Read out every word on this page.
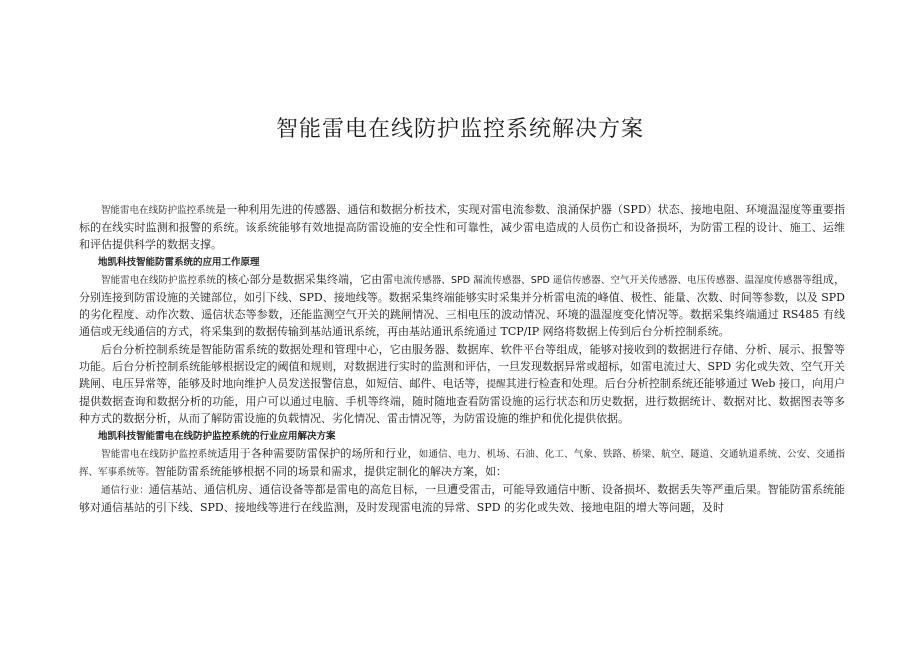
智能雷电在线防护监控系统解决方案

智能雷电在线防护监控系统是一种利用先进的传感器、通信和数据分析技术，实现对雷电流参数、浪涌保护器（SPD）状态、接地电阻、环境温湿度等重要指标的在线实时监测和报警的系统。该系统能够有效地提高防雷设施的安全性和可靠性，减少雷电造成的人员伤亡和设备损坏，为防雷工程的设计、施工、运维和评估提供科学的数据支撑。

地凯科技智能防雷系统的应用工作原理

智能雷电在线防护监控系统的核心部分是数据采集终端，它由雷电流传感器、SPD 漏流传感器、SPD 遥信传感器、空气开关传感器、电压传感器、温湿度传感器等组成，分别连接到防雷设施的关键部位，如引下线、SPD、接地线等。数据采集终端能够实时采集并分析雷电流的峰值、极性、能量、次数、时间等参数，以及 SPD 的劣化程度、动作次数、遥信状态等参数，还能监测空气开关的跳闸情况、三相电压的波动情况、环境的温湿度变化情况等。数据采集终端通过 RS485 有线通信或无线通信的方式，将采集到的数据传输到基站通讯系统，再由基站通讯系统通过 TCP/IP 网络将数据上传到后台分析控制系统。

后台分析控制系统是智能防雷系统的数据处理和管理中心，它由服务器、数据库、软件平台等组成，能够对接收到的数据进行存储、分析、展示、报警等功能。后台分析控制系统能够根据设定的阈值和规则，对数据进行实时的监测和评估，一旦发现数据异常或超标，如雷电流过大、SPD 劣化或失效、空气开关跳闸、电压异常等，能够及时地向维护人员发送报警信息，如短信、邮件、电话等，提醒其进行检查和处理。后台分析控制系统还能够通过 Web 接口，向用户提供数据查询和数据分析的功能，用户可以通过电脑、手机等终端，随时随地查看防雷设施的运行状态和历史数据，进行数据统计、数据对比、数据图表等多种方式的数据分析，从而了解防雷设施的负载情况、劣化情况、雷击情况等，为防雷设施的维护和优化提供依据。

地凯科技智能雷电在线防护监控系统的行业应用解决方案

智能雷电在线防护监控系统适用于各种需要防雷保护的场所和行业，如通信、电力、机场、石油、化工、气象、铁路、桥梁、航空、隧道、交通轨道系统、公安、交通指挥、军事系统等。智能防雷系统能够根据不同的场景和需求，提供定制化的解决方案，如：

通信行业：通信基站、通信机房、通信设备等都是雷电的高危目标，一旦遭受雷击，可能导致通信中断、设备损坏、数据丢失等严重后果。智能防雷系统能够对通信基站的引下线、SPD、接地线等进行在线监测，及时发现雷电流的异常、SPD 的劣化或失效、接地电阻的增大等问题，及时
